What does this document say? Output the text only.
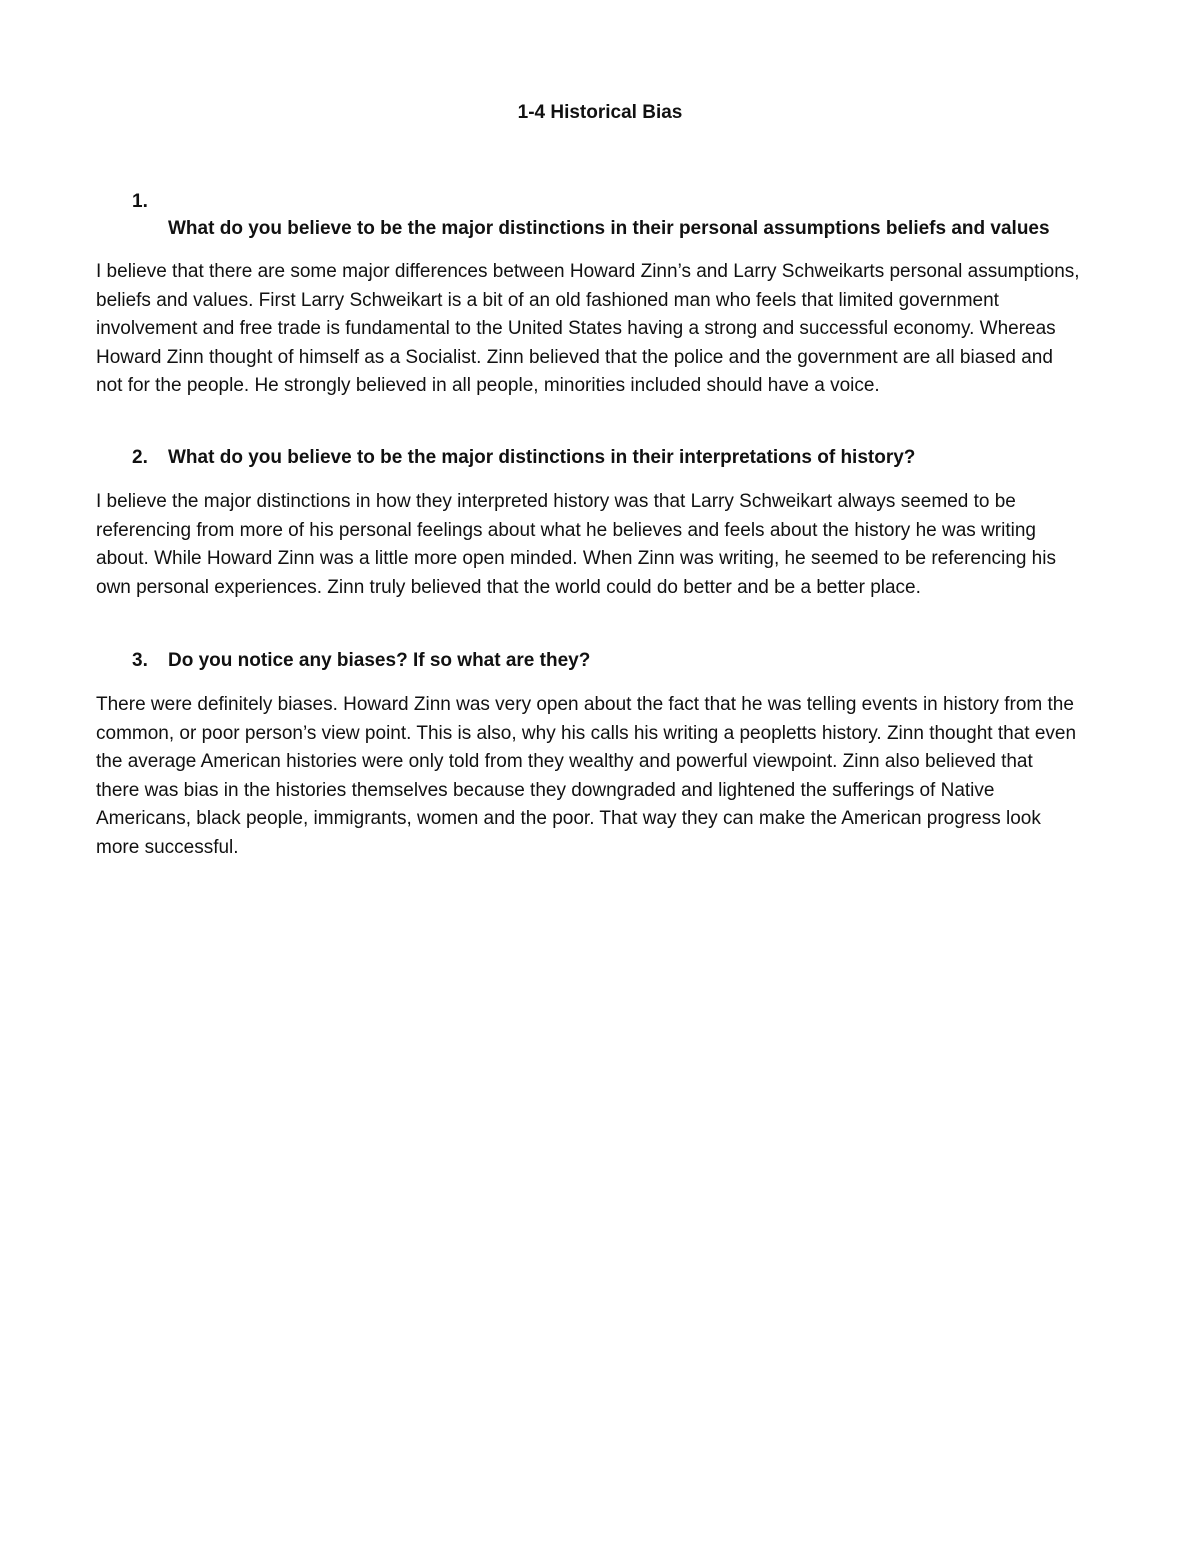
1-4 Historical Bias
1.
What do you believe to be the major distinctions in their personal assumptions beliefs and values

I believe that there are some major differences between Howard Zinn’s and Larry Schweikarts personal assumptions, beliefs and values. First Larry Schweikart is a bit of an old fashioned man who feels that limited government involvement and free trade is fundamental to the United States having a strong and successful economy. Whereas Howard Zinn thought of himself as a Socialist. Zinn believed that the police and the government are all biased and not for the people. He strongly believed in all people, minorities included should have a voice.

2. What do you believe to be the major distinctions in their interpretations of history?

I believe the major distinctions in how they interpreted history was that Larry Schweikart always seemed to be referencing from more of his personal feelings about what he believes and feels about the history he was writing about. While Howard Zinn was a little more open minded. When Zinn was writing, he seemed to be referencing his own personal experiences. Zinn truly believed that the world could do better and be a better place.

3. Do you notice any biases? If so what are they?

There were definitely biases. Howard Zinn was very open about the fact that he was telling events in history from the common, or poor person’s view point. This is also, why his calls his writing a peopletts history. Zinn thought that even the average American histories were only told from they wealthy and powerful viewpoint. Zinn also believed that there was bias in the histories themselves because they downgraded and lightened the sufferings of Native Americans, black people, immigrants, women and the poor. That way they can make the American progress look more successful.
